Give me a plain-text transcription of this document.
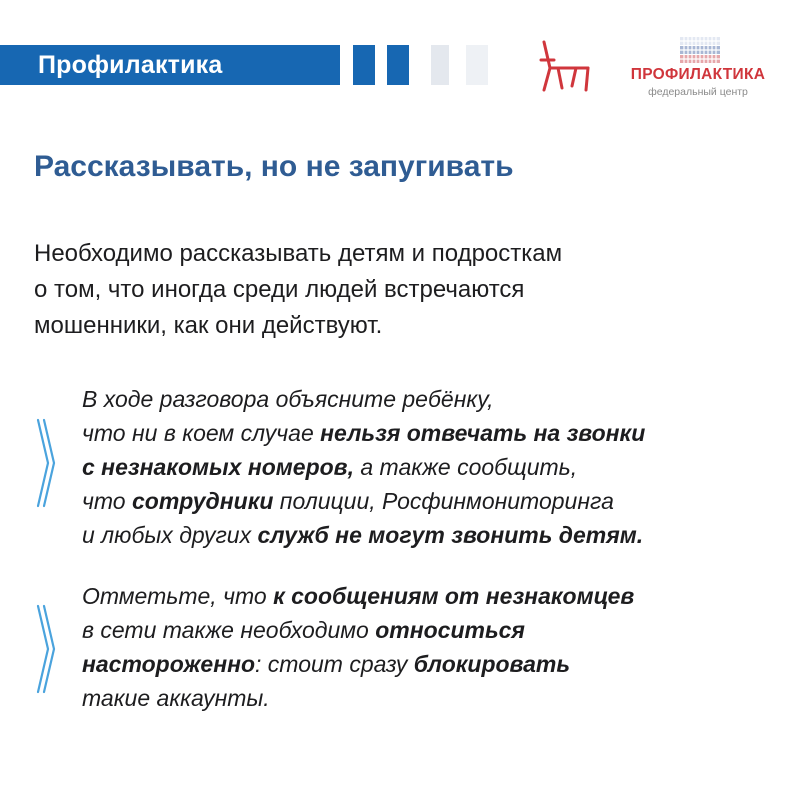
Профилактика	ПРОФИЛАКТИКА
федеральный центр
Рассказывать, но не запугивать
Необходимо рассказывать детям и подросткам
о том, что иногда среди людей встречаются
мошенники, как они действуют.
В ходе разговора объясните ребёнку,
что ни в коем случае нельзя отвечать на звонки
с незнакомых номеров, а также сообщить,
что сотрудники полиции, Росфинмониторинга
и любых других служб не могут звонить детям.
Отметьте, что к сообщениям от незнакомцев
в сети также необходимо относиться
настороженно: стоит сразу блокировать
такие аккаунты.
